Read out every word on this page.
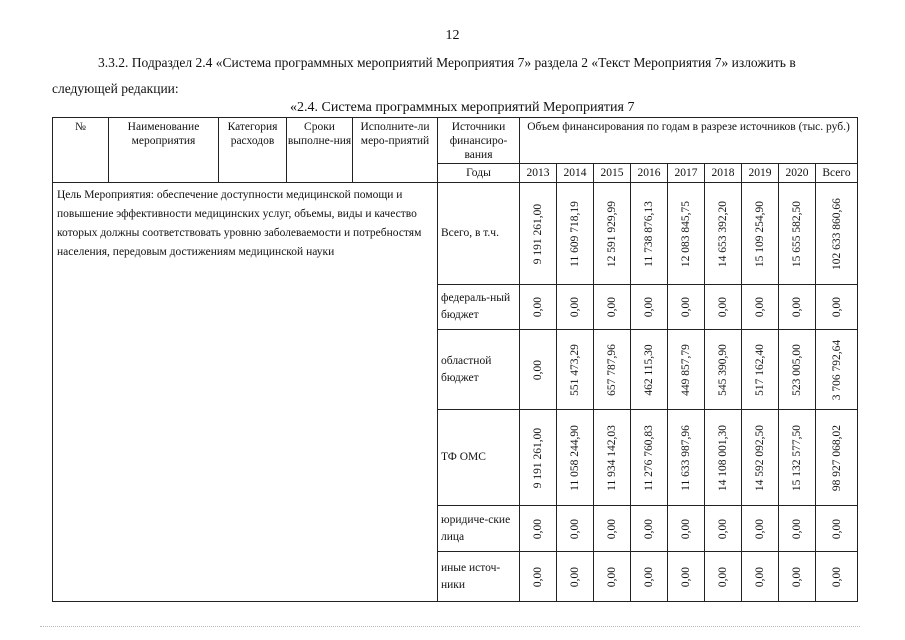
12
3.3.2. Подраздел 2.4 «Система программных мероприятий Мероприятия 7» раздела 2 «Текст Мероприятия 7» изложить в следующей редакции:
«2.4. Система программных мероприятий Мероприятия 7
№	Наименование мероприятия	Категория расходов	Сроки выполне-ния	Исполните-ли меро-приятий	Источники финансиро-вания	Объем финансирования по годам в разрезе источников (тыс. руб.)								
					Годы	2013	2014	2015	2016	2017	2018	2019	2020	Всего
Цель Мероприятия: обеспечение доступности медицинской помощи и повышение эффективности медицинских услуг, объемы, виды и качество которых должны соответствовать уровню заболеваемости и потребностям населения, передовым достижениям медицинской науки					Всего, в т.ч.	9 191 261,00	11 609 718,19	12 591 929,99	11 738 876,13	12 083 845,75	14 653 392,20	15 109 254,90	15 655 582,50	102 633 860,66

					федераль-ный бюджет	0,00	0,00	0,00	0,00	0,00	0,00	0,00	0,00	0,00

					областной бюджет	0,00	551 473,29	657 787,96	462 115,30	449 857,79	545 390,90	517 162,40	523 005,00	3 706 792,64

					ТФ ОМС	9 191 261,00	11 058 244,90	11 934 142,03	11 276 760,83	11 633 987,96	14 108 001,30	14 592 092,50	15 132 577,50	98 927 068,02

					юридиче-ские лица	0,00	0,00	0,00	0,00	0,00	0,00	0,00	0,00	0,00

					иные источ-ники	0,00	0,00	0,00	0,00	0,00	0,00	0,00	0,00	0,00
